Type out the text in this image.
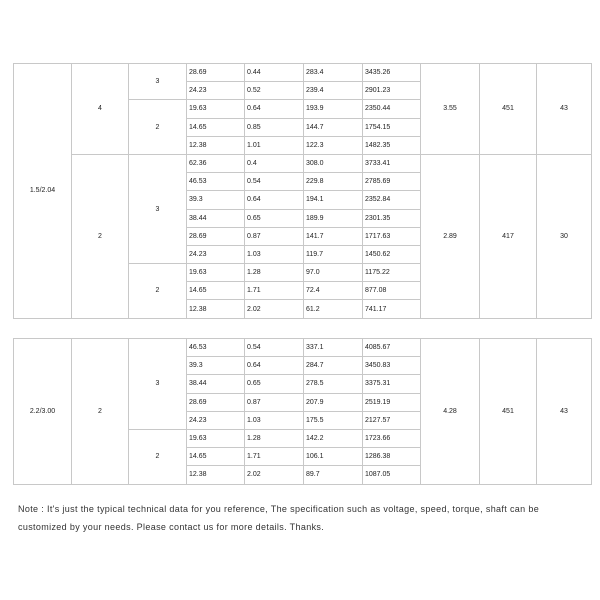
1.5/2.04	4	3	28.69	0.44	283.4	3435.26	3.55	451	43
			24.23	0.52	239.4	2901.23			
		2	19.63	0.64	193.9	2350.44			
			14.65	0.85	144.7	1754.15			
			12.38	1.01	122.3	1482.35			
	2	3	62.36	0.4	308.0	3733.41	2.89	417	30
			46.53	0.54	229.8	2785.69			
			39.3	0.64	194.1	2352.84			
			38.44	0.65	189.9	2301.35			
			28.69	0.87	141.7	1717.63			
			24.23	1.03	119.7	1450.62			
		2	19.63	1.28	97.0	1175.22			
			14.65	1.71	72.4	877.08			
			12.38	2.02	61.2	741.17			
2.2/3.00	2	3	46.53	0.54	337.1	4085.67	4.28	451	43
			39.3	0.64	284.7	3450.83			
			38.44	0.65	278.5	3375.31			
			28.69	0.87	207.9	2519.19			
			24.23	1.03	175.5	2127.57			
		2	19.63	1.28	142.2	1723.66			
			14.65	1.71	106.1	1286.38			
			12.38	2.02	89.7	1087.05			
Note : It's just the typical technical data for you reference, The specification such as voltage, speed, torque, shaft can be
customized by your needs. Please contact us for more details. Thanks.
